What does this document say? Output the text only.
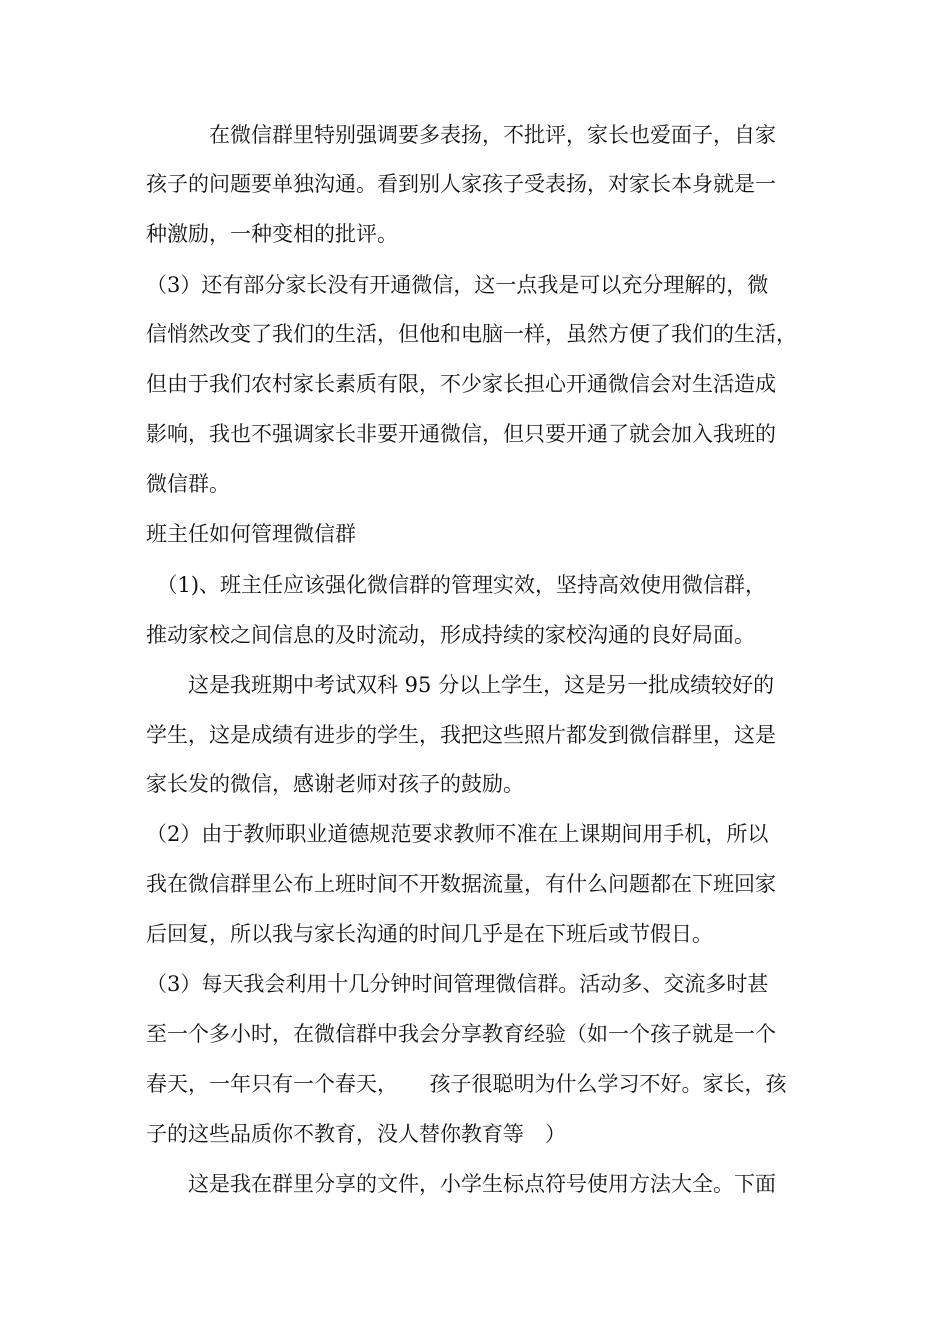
　　　在微信群里特别强调要多表扬，不批评，家长也爱面子，自家
孩子的问题要单独沟通。看到别人家孩子受表扬，对家长本身就是一
种激励，一种变相的批评。
（3）还有部分家长没有开通微信，这一点我是可以充分理解的，微
信悄然改变了我们的生活，但他和电脑一样，虽然方便了我们的生活，
但由于我们农村家长素质有限，不少家长担心开通微信会对生活造成
影响，我也不强调家长非要开通微信，但只要开通了就会加入我班的
微信群。
班主任如何管理微信群
　（1)、班主任应该强化微信群的管理实效，坚持高效使用微信群，
推动家校之间信息的及时流动，形成持续的家校沟通的良好局面。
　　这是我班期中考试双科 95 分以上学生，这是另一批成绩较好的
学生，这是成绩有进步的学生，我把这些照片都发到微信群里，这是
家长发的微信，感谢老师对孩子的鼓励。
（2）由于教师职业道德规范要求教师不准在上课期间用手机，所以
我在微信群里公布上班时间不开数据流量，有什么问题都在下班回家
后回复，所以我与家长沟通的时间几乎是在下班后或节假日。
（3）每天我会利用十几分钟时间管理微信群。活动多、交流多时甚
至一个多小时，在微信群中我会分享教育经验（如一个孩子就是一个
春天，一年只有一个春天，　　孩子很聪明为什么学习不好。家长，孩
子的这些品质你不教育，没人替你教育等　）
　　这是我在群里分享的文件，小学生标点符号使用方法大全。下面
